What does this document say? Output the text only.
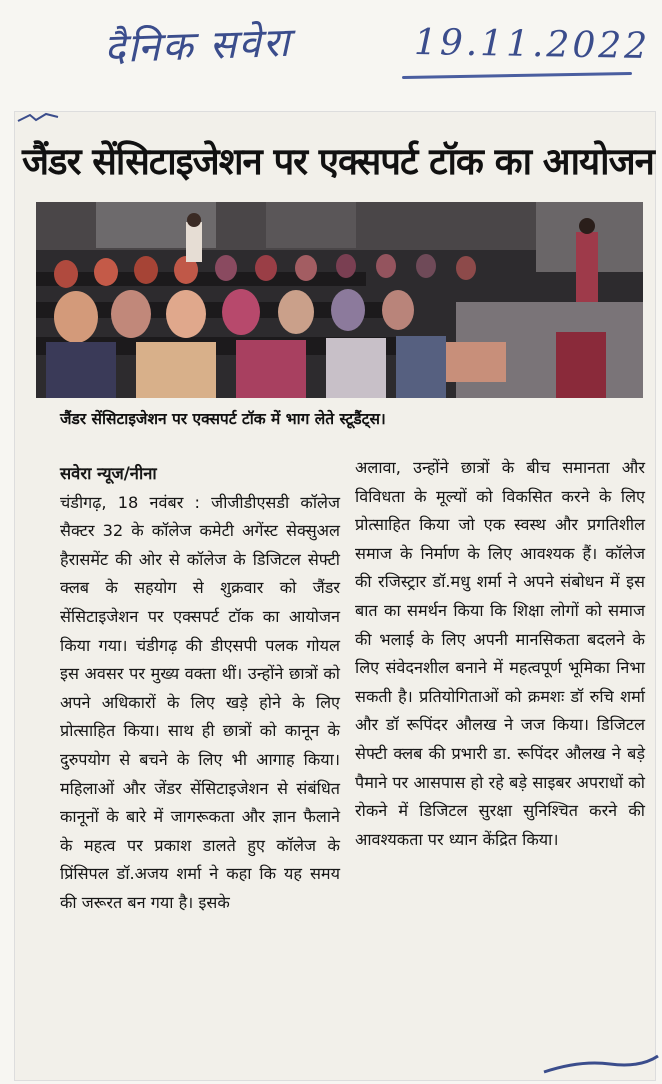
दैनिक सवेरा	19.11.2022
जैंडर सेंसिटाइजेशन पर एक्सपर्ट टॉक का आयोजन
जैंडर सेंसिटाइजेशन पर एक्सपर्ट टॉक में भाग लेते स्टूडैंट्स।
सवेरा न्यूज/नीना
चंडीगढ़, 18 नवंबर : जीजीडीएसडी कॉलेज सैक्टर 32 के कॉलेज कमेटी अगेंस्ट सेक्सुअल हैरासमेंट की ओर से कॉलेज के डिजिटल सेफ्टी क्लब के सहयोग से शुक्रवार को जैंडर सेंसिटाइजेशन पर एक्सपर्ट टॉक का आयोजन किया गया। चंडीगढ़ की डीएसपी पलक गोयल इस अवसर पर मुख्य वक्ता थीं। उन्होंने छात्रों को अपने अधिकारों के लिए खड़े होने के लिए प्रोत्साहित किया। साथ ही छात्रों को कानून के दुरुपयोग से बचने के लिए भी आगाह किया। महिलाओं और जेंडर सेंसिटाइजेशन से संबंधित कानूनों के बारे में जागरूकता और ज्ञान फैलाने के महत्व पर प्रकाश डालते हुए कॉलेज के प्रिंसिपल डॉ.अजय शर्मा ने कहा कि यह समय की जरूरत बन गया है। इसके
अलावा, उन्होंने छात्रों के बीच समानता और विविधता के मूल्यों को विकसित करने के लिए प्रोत्साहित किया जो एक स्वस्थ और प्रगतिशील समाज के निर्माण के लिए आवश्यक हैं। कॉलेज की रजिस्ट्रार डॉ.मधु शर्मा ने अपने संबोधन में इस बात का समर्थन किया कि शिक्षा लोगों को समाज की भलाई के लिए अपनी मानसिकता बदलने के लिए संवेदनशील बनाने में महत्वपूर्ण भूमिका निभा सकती है। प्रतियोगिताओं को क्रमशः डॉ रुचि शर्मा और डॉ रूपिंदर औलख ने जज किया। डिजिटल सेफ्टी क्लब की प्रभारी डा. रूपिंदर औलख ने बड़े पैमाने पर आसपास हो रहे बड़े साइबर अपराधों को रोकने में डिजिटल सुरक्षा सुनिश्चित करने की आवश्यकता पर ध्यान केंद्रित किया।
